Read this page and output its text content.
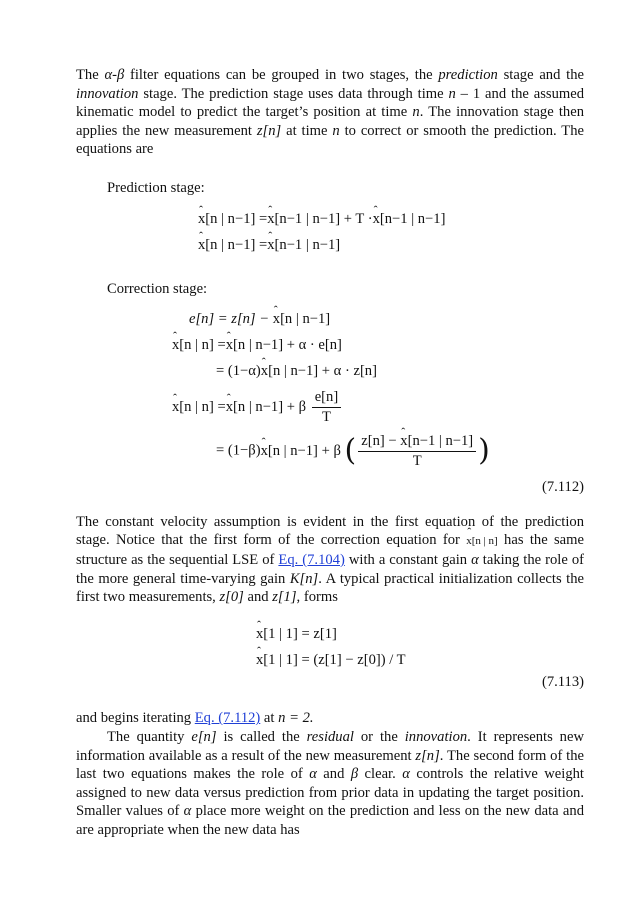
The α-β filter equations can be grouped in two stages, the prediction stage and the innovation stage. The prediction stage uses data through time n – 1 and the assumed kinematic model to predict the target’s position at time n. The innovation stage then applies the new measurement z[n] at time n to correct or smooth the prediction. The equations are

Prediction stage:
ˆ x[n | n−1] =ˆ x[n−1 | n−1] + T ·ˆ x[n−1 | n−1]
ˆ x[n | n−1] =ˆ x[n−1 | n−1]
Correction stage:
e[n] = z[n] − ˆ x[n | n−1]
ˆ x[n | n] =ˆ x[n | n−1] + α · e[n]
= (1−α)ˆ x[n | n−1] + α · z[n]
ˆ x[n | n] =ˆ x[n | n−1] + β $\frac{e[n]}{T}$
= (1−β)ˆ x[n | n−1] + β ( $\frac{\text{z[n] − ˆ x[n−1 | n−1]}}{T}$ )
(7.112)

The constant velocity assumption is evident in the first equation of the prediction stage. Notice that the first form of the correction equation for ˆ x[n | n] has the same structure as the sequential LSE of Eq. (7.104) with a constant gain α taking the role of the more general time-varying gain K[n]. A typical practical initialization collects the first two measurements, z[0] and z[1], forms

ˆ x[1 | 1] = z[1]
ˆ x[1 | 1] = (z[1] − z[0]) / T
(7.113)

and begins iterating Eq. (7.112) at n = 2.

The quantity e[n] is called the residual or the innovation. It represents new information available as a result of the new measurement z[n]. The second form of the last two equations makes the role of α and β clear. α controls the relative weight assigned to new data versus prediction from prior data in updating the target position. Smaller values of α place more weight on the prediction and less on the new data and are appropriate when the new data has
